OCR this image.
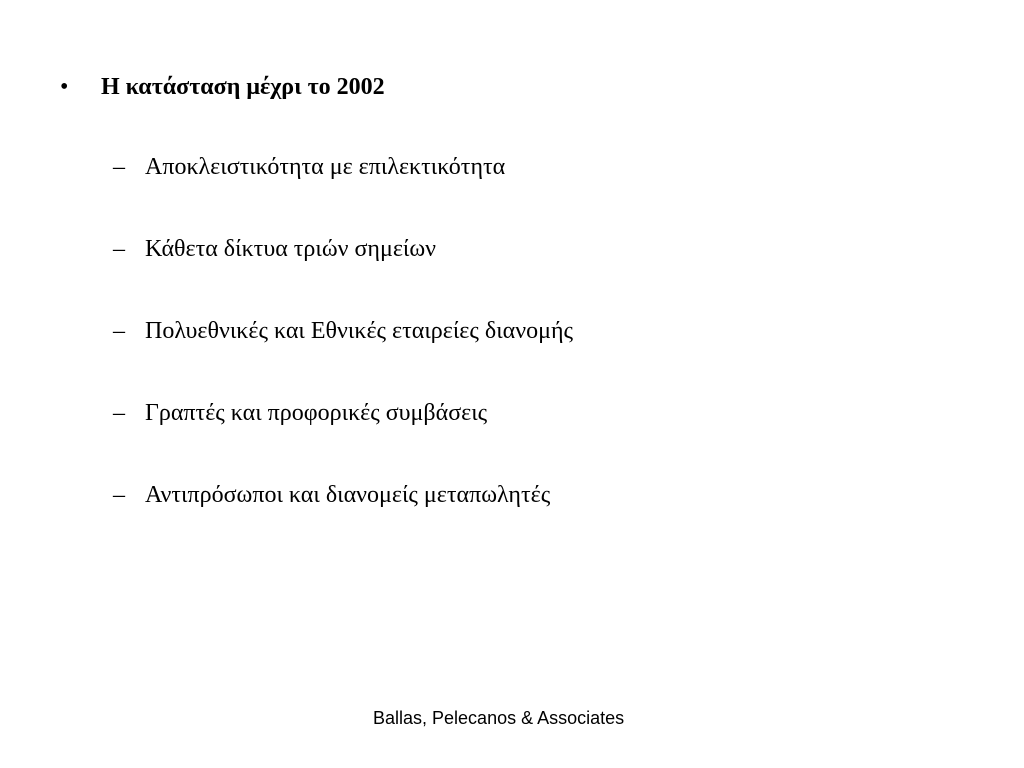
• Η κατάσταση μέχρι το 2002
– Αποκλειστικότητα με επιλεκτικότητα
– Κάθετα δίκτυα τριών σημείων
– Πολυεθνικές και Εθνικές εταιρείες διανομής
– Γραπτές και προφορικές συμβάσεις
– Αντιπρόσωποι και διανομείς μεταπωλητές
Ballas, Pelecanos & Associates
